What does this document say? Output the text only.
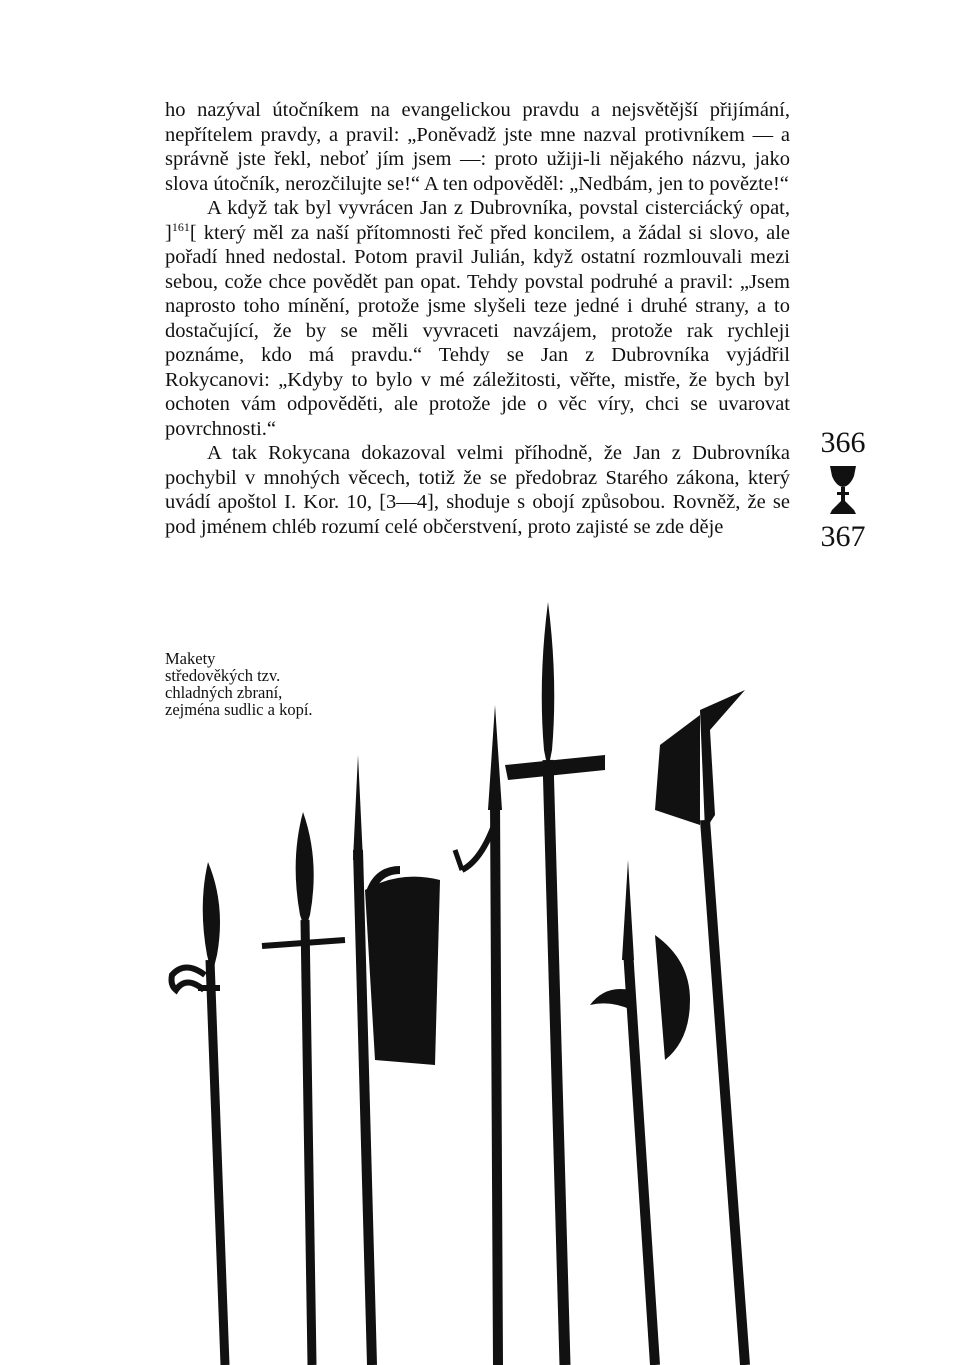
ho nazýval útočníkem na evangelickou pravdu a nejsvětější přijímání, nepřítelem pravdy, a pravil: „Poněvadž jste mne nazval protivníkem — a správně jste řekl, neboť jím jsem —: proto užiji-li nějakého názvu, jako slova útočník, nerozčilujte se!“ A ten odpověděl: „Nedbám, jen to povězte!“

A když tak byl vyvrácen Jan z Dubrovníka, povstal cisterciácký opat, ]$^{161}$[ který měl za naší přítomnosti řeč před koncilem, a žádal si slovo, ale pořadí hned nedostal. Potom pravil Julián, když ostatní rozmlouvali mezi sebou, cože chce povědět pan opat. Tehdy povstal podruhé a pravil: „Jsem naprosto toho mínění, protože jsme slyšeli teze jedné i druhé strany, a to dostačující, že by se měli vyvraceti navzájem, protože rak rychleji poznáme, kdo má pravdu.“ Tehdy se Jan z Dubrovníka vyjádřil Rokycanovi: „Kdyby to bylo v mé záležitosti, věřte, mistře, že bych byl ochoten vám odpověděti, ale protože jde o věc víry, chci se uvarovat povrchnosti.“

A tak Rokycana dokazoval velmi příhodně, že Jan z Dubrovníka pochybil v mnohých věcech, totiž že se předobraz Starého zákona, který uvádí apoštol I. Kor. 10, [3—4], shoduje s obojí způsobou. Rovněž, že se pod jménem chléb rozumí celé občerstvení, proto zajisté se zde děje

366
367
Makety
středověkých tzv.
chladných zbraní,
zejména sudlic a kopí.
